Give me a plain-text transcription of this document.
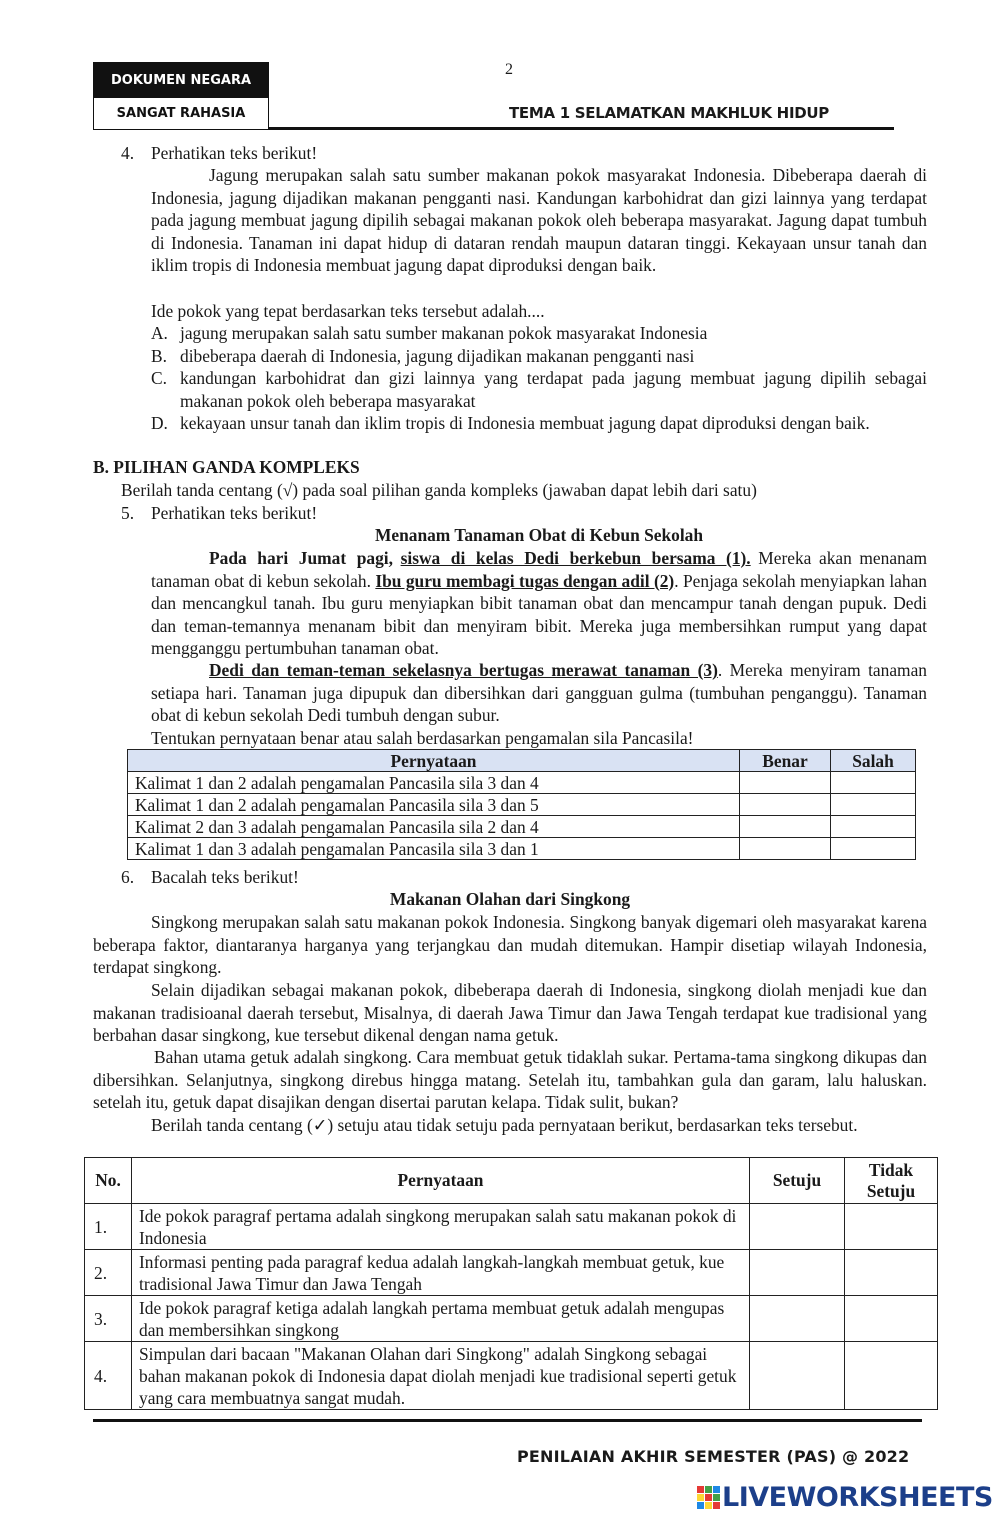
DOKUMEN NEGARA
SANGAT RAHASIA
2
TEMA 1 SELAMATKAN MAKHLUK HIDUP
4. Perhatikan teks berikut!
Jagung merupakan salah satu sumber makanan pokok masyarakat Indonesia. Dibeberapa daerah di Indonesia, jagung dijadikan makanan pengganti nasi. Kandungan karbohidrat dan gizi lainnya yang terdapat pada jagung membuat jagung dipilih sebagai makanan pokok oleh beberapa masyarakat. Jagung dapat tumbuh di Indonesia. Tanaman ini dapat hidup di dataran rendah maupun dataran tinggi. Kekayaan unsur tanah dan iklim tropis di Indonesia membuat jagung dapat diproduksi dengan baik.
Ide pokok yang tepat berdasarkan teks tersebut adalah....
A. jagung merupakan salah satu sumber makanan pokok masyarakat Indonesia
B. dibeberapa daerah di Indonesia, jagung dijadikan makanan pengganti nasi
C. kandungan karbohidrat dan gizi lainnya yang terdapat pada jagung membuat jagung dipilih sebagai makanan pokok oleh beberapa masyarakat
D. kekayaan unsur tanah dan iklim tropis di Indonesia membuat jagung dapat diproduksi dengan baik.
B. PILIHAN GANDA KOMPLEKS
Berilah tanda centang (√) pada soal pilihan ganda kompleks (jawaban dapat lebih dari satu)
5. Perhatikan teks berikut!
Menanam Tanaman Obat di Kebun Sekolah
Pada hari Jumat pagi, siswa di kelas Dedi berkebun bersama (1). Mereka akan menanam tanaman obat di kebun sekolah. Ibu guru membagi tugas dengan adil (2). Penjaga sekolah menyiapkan lahan dan mencangkul tanah. Ibu guru menyiapkan bibit tanaman obat dan mencampur tanah dengan pupuk. Dedi dan teman-temannya menanam bibit dan menyiram bibit. Mereka juga membersihkan rumput yang dapat mengganggu pertumbuhan tanaman obat.
Dedi dan teman-teman sekelasnya bertugas merawat tanaman (3). Mereka menyiram tanaman setiapa hari. Tanaman juga dipupuk dan dibersihkan dari gangguan gulma (tumbuhan penganggu). Tanaman obat di kebun sekolah Dedi tumbuh dengan subur.
Tentukan pernyataan benar atau salah berdasarkan pengamalan sila Pancasila!
Pernyataan	Benar	Salah
Kalimat 1 dan 2 adalah pengamalan Pancasila sila 3 dan 4		
Kalimat 1 dan 2 adalah pengamalan Pancasila sila 3 dan 5		
Kalimat 2 dan 3 adalah pengamalan Pancasila sila 2 dan 4		
Kalimat 1 dan 3 adalah pengamalan Pancasila sila 3 dan 1		
6. Bacalah teks berikut!
Makanan Olahan dari Singkong
Singkong merupakan salah satu makanan pokok Indonesia. Singkong banyak digemari oleh masyarakat karena beberapa faktor, diantaranya harganya yang terjangkau dan mudah ditemukan. Hampir disetiap wilayah Indonesia, terdapat singkong.
Selain dijadikan sebagai makanan pokok, dibeberapa daerah di Indonesia, singkong diolah menjadi kue dan makanan tradisioanal daerah tersebut, Misalnya, di daerah Jawa Timur dan Jawa Tengah terdapat kue tradisional yang berbahan dasar singkong, kue tersebut dikenal dengan nama getuk.
Bahan utama getuk adalah singkong. Cara membuat getuk tidaklah sukar. Pertama-tama singkong dikupas dan dibersihkan. Selanjutnya, singkong direbus hingga matang. Setelah itu, tambahkan gula dan garam, lalu haluskan. setelah itu, getuk dapat disajikan dengan disertai parutan kelapa. Tidak sulit, bukan?
Berilah tanda centang (✓) setuju atau tidak setuju pada pernyataan berikut, berdasarkan teks tersebut.
No.	Pernyataan	Setuju	Tidak Setuju
1.	Ide pokok paragraf pertama adalah singkong merupakan salah satu makanan pokok di Indonesia		
2.	Informasi penting pada paragraf kedua adalah langkah-langkah membuat getuk, kue tradisional Jawa Timur dan Jawa Tengah		
3.	Ide pokok paragraf ketiga adalah langkah pertama membuat getuk adalah mengupas dan membersihkan singkong		
4.	Simpulan dari bacaan "Makanan Olahan dari Singkong" adalah Singkong sebagai bahan makanan pokok di Indonesia dapat diolah menjadi kue tradisional seperti getuk yang cara membuatnya sangat mudah.		
PENILAIAN AKHIR SEMESTER (PAS) @ 2022
LIVEWORKSHEETS
